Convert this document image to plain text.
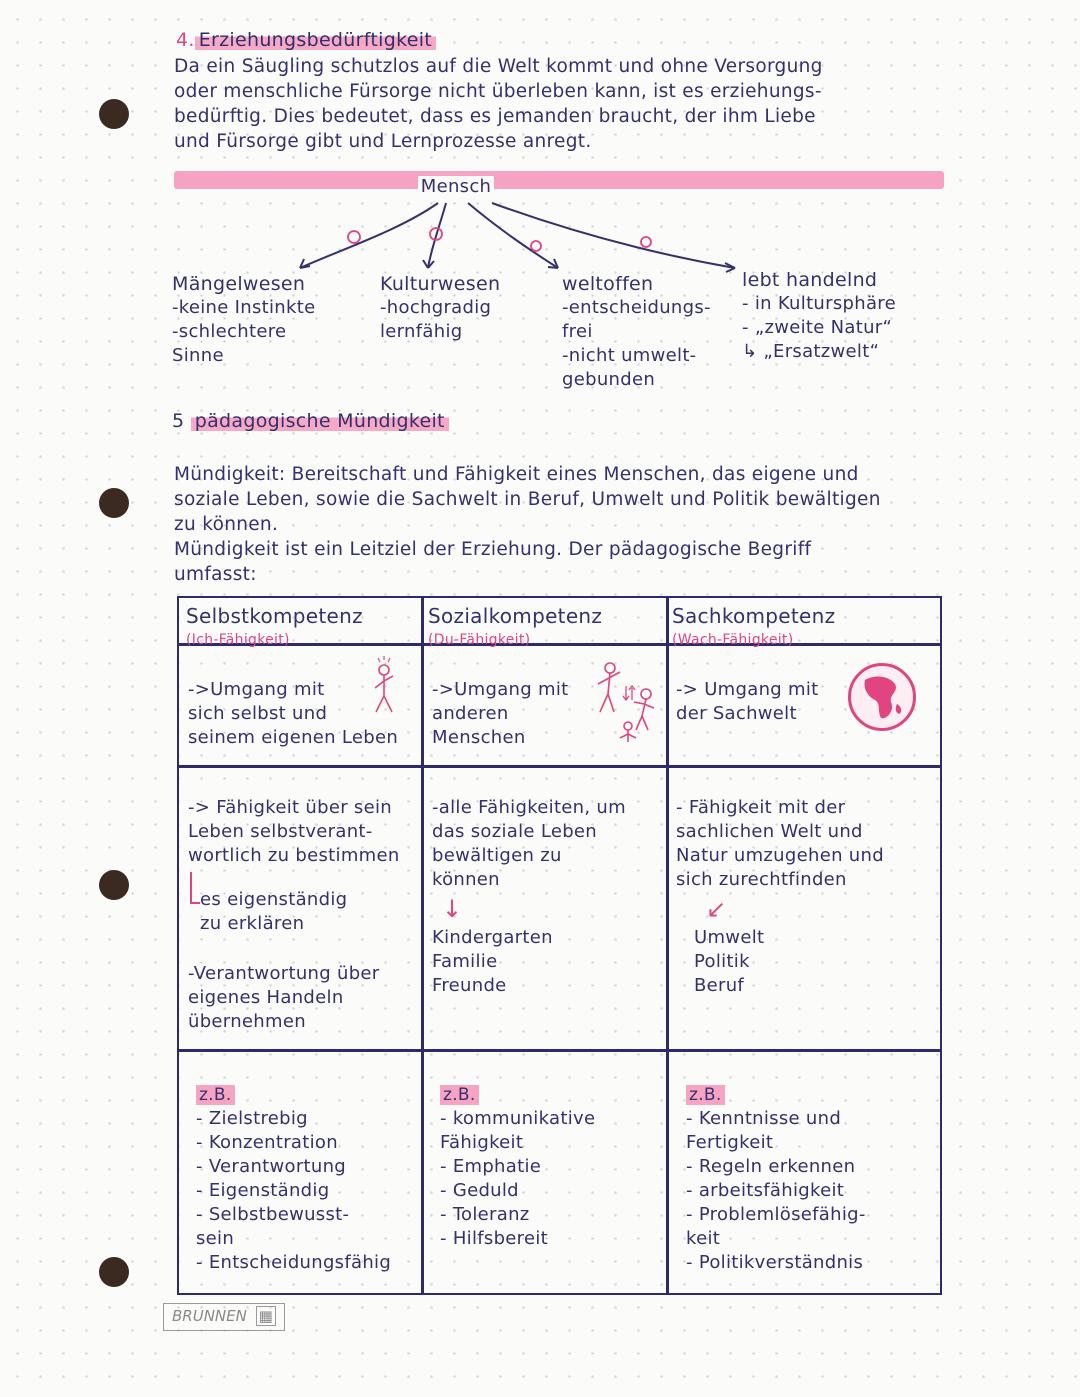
4. Erziehungsbedürftigkeit

Da ein Säugling schutzlos auf die Welt kommt und ohne Versorgung

oder menschliche Fürsorge nicht überleben kann, ist es erziehungs-

bedürftig. Dies bedeutet, dass es jemanden braucht, der ihm Liebe

und Fürsorge gibt und Lernprozesse anregt.

Mensch
Mängelwesen
-keine Instinkte
-schlechtere
Sinne
Kulturwesen
-hochgradig
lernfähig
weltoffen
-entscheidungs-
frei
-nicht umwelt-
gebunden
lebt handelnd
- in Kultursphäre
- „zweite Natur“
↳ „Ersatzwelt“
5 pädagogische Mündigkeit

Mündigkeit: Bereitschaft und Fähigkeit eines Menschen, das eigene und

soziale Leben, sowie die Sachwelt in Beruf, Umwelt und Politik bewältigen

zu können.

Mündigkeit ist ein Leitziel der Erziehung. Der pädagogische Begriff

umfasst:

Selbstkompetenz
(Ich-Fähigkeit)
Sozialkompetenz
(Du-Fähigkeit)
Sachkompetenz
(Wach-Fähigkeit)
->Umgang mit
sich selbst und
seinem eigenen Leben
->Umgang mit
anderen
Menschen
-> Umgang mit
der Sachwelt
-> Fähigkeit über sein
Leben selbstverant-
wortlich zu bestimmen
es eigenständig
zu erklären
-Verantwortung über
eigenes Handeln
übernehmen
-alle Fähigkeiten, um
das soziale Leben
bewältigen zu
können
↓
Kindergarten
Familie
Freunde
- Fähigkeit mit der
sachlichen Welt und
Natur umzugehen und
sich zurechtfinden
↙
Umwelt
Politik
Beruf
z.B.
- Zielstrebig
- Konzentration
- Verantwortung
- Eigenständig
- Selbstbewusst-
sein
- Entscheidungsfähig
z.B.
- kommunikative
Fähigkeit
- Emphatie
- Geduld
- Toleranz
- Hilfsbereit
z.B.
- Kenntnisse und
Fertigkeit
- Regeln erkennen
- arbeitsfähigkeit
- Problemlösefähig-
keit
- Politikverständnis
BRUNNEN ▦
